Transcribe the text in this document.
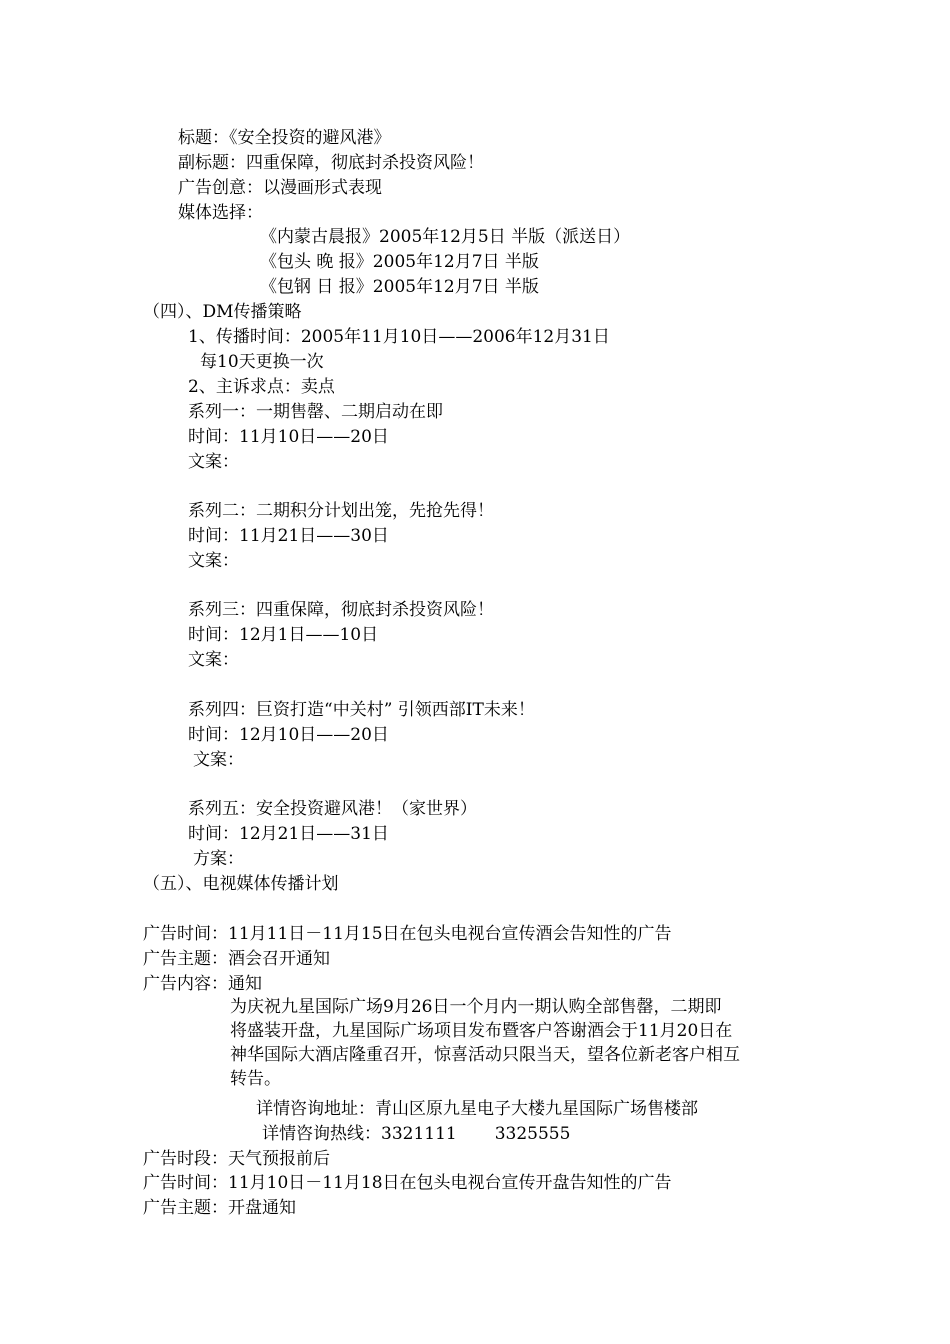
标题：《安全投资的避风港》
副标题：四重保障，彻底封杀投资风险！
广告创意：以漫画形式表现
媒体选择：
《内蒙古晨报》2005年12月5日 半版（派送日）
《包头 晚 报》2005年12月7日 半版
《包钢 日 报》2005年12月7日 半版
（四）、DM传播策略
1、传播时间：2005年11月10日——2006年12月31日
每10天更换一次
2、主诉求点：卖点
系列一：一期售罄、二期启动在即
时间：11月10日——20日
文案：
系列二：二期积分计划出笼，先抢先得！
时间：11月21日——30日
文案：
系列三：四重保障，彻底封杀投资风险！
时间：12月1日——10日
文案：
系列四：巨资打造“中关村” 引领西部IT未来！
时间：12月10日——20日
文案：
系列五：安全投资避风港！（家世界）
时间：12月21日——31日
方案：
（五）、电视媒体传播计划
广告时间：11月11日－11月15日在包头电视台宣传酒会告知性的广告
广告主题：酒会召开通知
广告内容：通知
为庆祝九星国际广场9月26日一个月内一期认购全部售罄，二期即
将盛装开盘，九星国际广场项目发布暨客户答谢酒会于11月20日在
神华国际大酒店隆重召开，惊喜活动只限当天，望各位新老客户相互
转告。
详情咨询地址：青山区原九星电子大楼九星国际广场售楼部
详情咨询热线：3321111 3325555
广告时段：天气预报前后
广告时间：11月10日－11月18日在包头电视台宣传开盘告知性的广告
广告主题：开盘通知
